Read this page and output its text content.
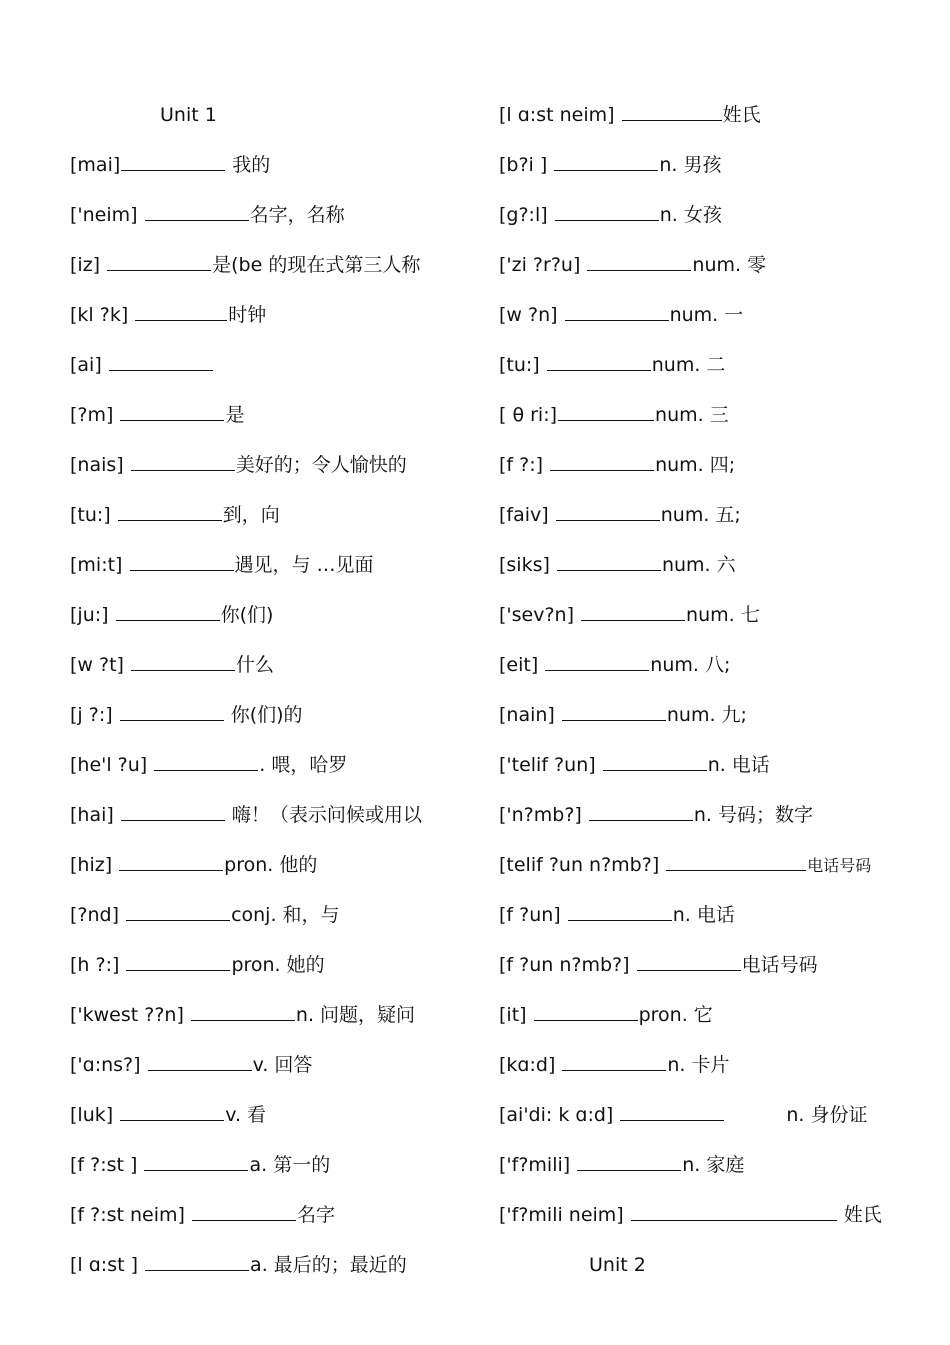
Unit 1
[mai]	我的
['neim]	名字，名称
[iz]	是(be 的现在式第三人称
[kl ?k]	时钟
[ai]
[?m]	是
[nais]	美好的；令人愉快的
[tu:]	到，向
[mi:t]	遇见，与 …见面
[ju:]	你(们)
[w ?t]	什么
[j ?:]	你(们)的
[he'l ?u]	. 喂，哈罗
[hai]	嗨！（表示问候或用以
[hiz]	pron. 他的
[?nd]	conj. 和，与
[h ?:]	pron. 她的
['kwest ??n]	n. 问题，疑问
['ɑ:ns?]	v. 回答
[luk]	v. 看
[f ?:st ]	a. 第一的
[f ?:st neim]	名字
[l ɑ:st ]	a. 最后的；最近的
[l ɑ:st neim]	姓氏
[b?i ]	n. 男孩
[g?:l]	n. 女孩
['zi ?r?u]	num. 零
[w ?n]	num. 一
[tu:]	num. 二
[ θ ri:]	num. 三
[f ?:]	num. 四;
[faiv]	num. 五;
[siks]	num. 六
['sev?n]	num. 七
[eit]	num. 八;
[nain]	num. 九;
['telif ?un]	n. 电话
['n?mb?]	n. 号码；数字
[telif ?un n?mb?]	电话号码
[f ?un]	n. 电话
[f ?un n?mb?]	电话号码
[it]	pron. 它
[kɑ:d]	n. 卡片
[ai'di: k ɑ:d]	n. 身份证
['f?mili]	n. 家庭
['f?mili neim]	姓氏
Unit 2
